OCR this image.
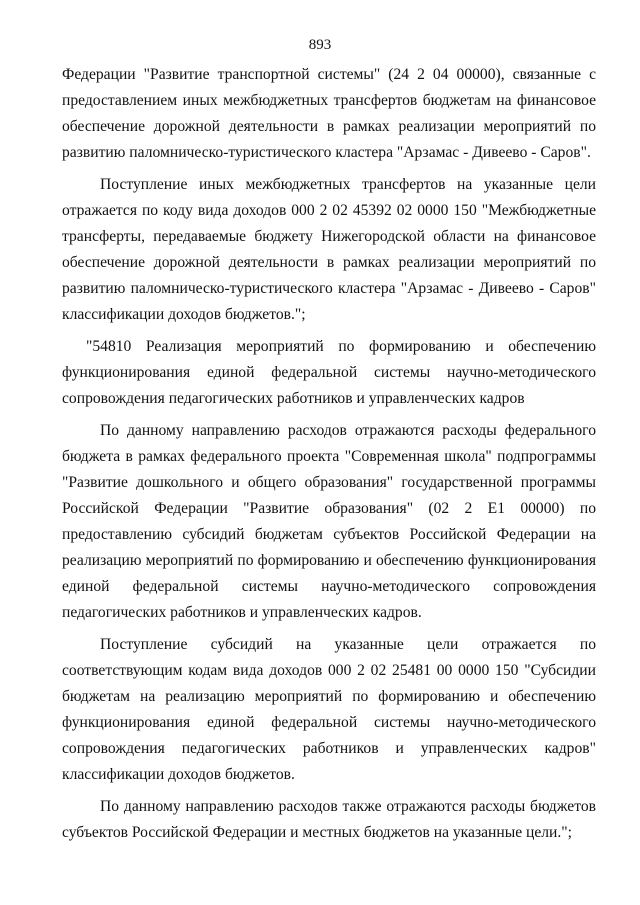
893

Федерации "Развитие транспортной системы" (24 2 04 00000), связанные с предоставлением иных межбюджетных трансфертов бюджетам на финансовое обеспечение дорожной деятельности в рамках реализации мероприятий по развитию паломническо-туристического кластера "Арзамас - Дивеево - Саров".

Поступление иных межбюджетных трансфертов на указанные цели отражается по коду вида доходов 000 2 02 45392 02 0000 150 "Межбюджетные трансферты, передаваемые бюджету Нижегородской области на финансовое обеспечение дорожной деятельности в рамках реализации мероприятий по развитию паломническо-туристического кластера "Арзамас - Дивеево - Саров" классификации доходов бюджетов.";

"54810 Реализация мероприятий по формированию и обеспечению функционирования единой федеральной системы научно-методического сопровождения педагогических работников и управленческих кадров

По данному направлению расходов отражаются расходы федерального бюджета в рамках федерального проекта "Современная школа" подпрограммы "Развитие дошкольного и общего образования" государственной программы Российской Федерации "Развитие образования" (02 2 E1 00000) по предоставлению субсидий бюджетам субъектов Российской Федерации на реализацию мероприятий по формированию и обеспечению функционирования единой федеральной системы научно-методического сопровождения педагогических работников и управленческих кадров.

Поступление субсидий на указанные цели отражается по соответствующим кодам вида доходов 000 2 02 25481 00 0000 150 "Субсидии бюджетам на реализацию мероприятий по формированию и обеспечению функционирования единой федеральной системы научно-методического сопровождения педагогических работников и управленческих кадров" классификации доходов бюджетов.

По данному направлению расходов также отражаются расходы бюджетов субъектов Российской Федерации и местных бюджетов на указанные цели.";
